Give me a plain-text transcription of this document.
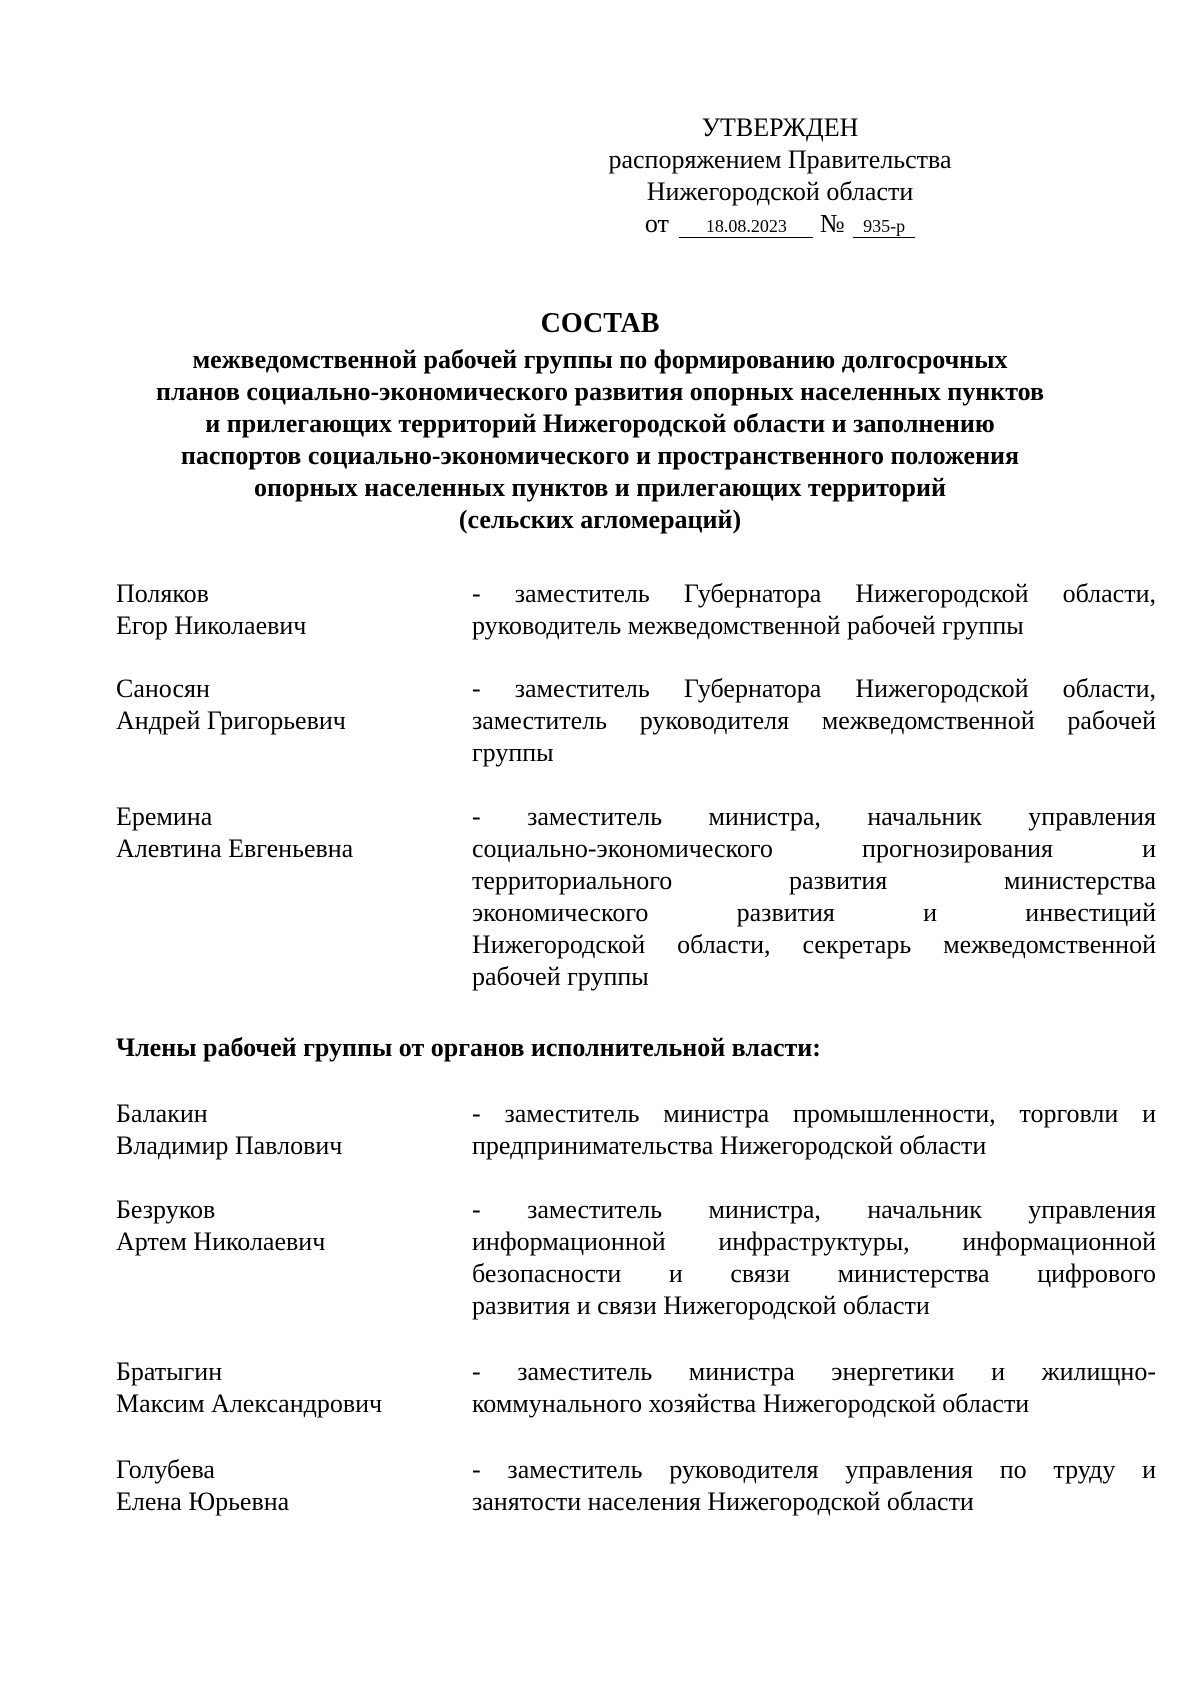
УТВЕРЖДЕН
распоряжением Правительства
Нижегородской области
от 18.08.2023 № 935-р
СОСТАВ
межведомственной рабочей группы по формированию долгосрочных
планов социально-экономического развития опорных населенных пунктов
и прилегающих территорий Нижегородской области и заполнению
паспортов социально-экономического и пространственного положения
опорных населенных пунктов и прилегающих территорий
(сельских агломераций)
Поляков
Егор Николаевич
- заместитель Губернатора Нижегородской области,
руководитель межведомственной рабочей группы
Саносян
Андрей Григорьевич
- заместитель Губернатора Нижегородской области,
заместитель руководителя межведомственной рабочей
группы
Еремина
Алевтина Евгеньевна
- заместитель министра, начальник управления
социально-экономического прогнозирования и
территориального развития министерства
экономического развития и инвестиций
Нижегородской области, секретарь межведомственной
рабочей группы
Члены рабочей группы от органов исполнительной власти:
Балакин
Владимир Павлович
- заместитель министра промышленности, торговли и
предпринимательства Нижегородской области
Безруков
Артем Николаевич
- заместитель министра, начальник управления
информационной инфраструктуры, информационной
безопасности и связи министерства цифрового
развития и связи Нижегородской области
Братыгин
Максим Александрович
- заместитель министра энергетики и жилищно-
коммунального хозяйства Нижегородской области
Голубева
Елена Юрьевна
- заместитель руководителя управления по труду и
занятости населения Нижегородской области
